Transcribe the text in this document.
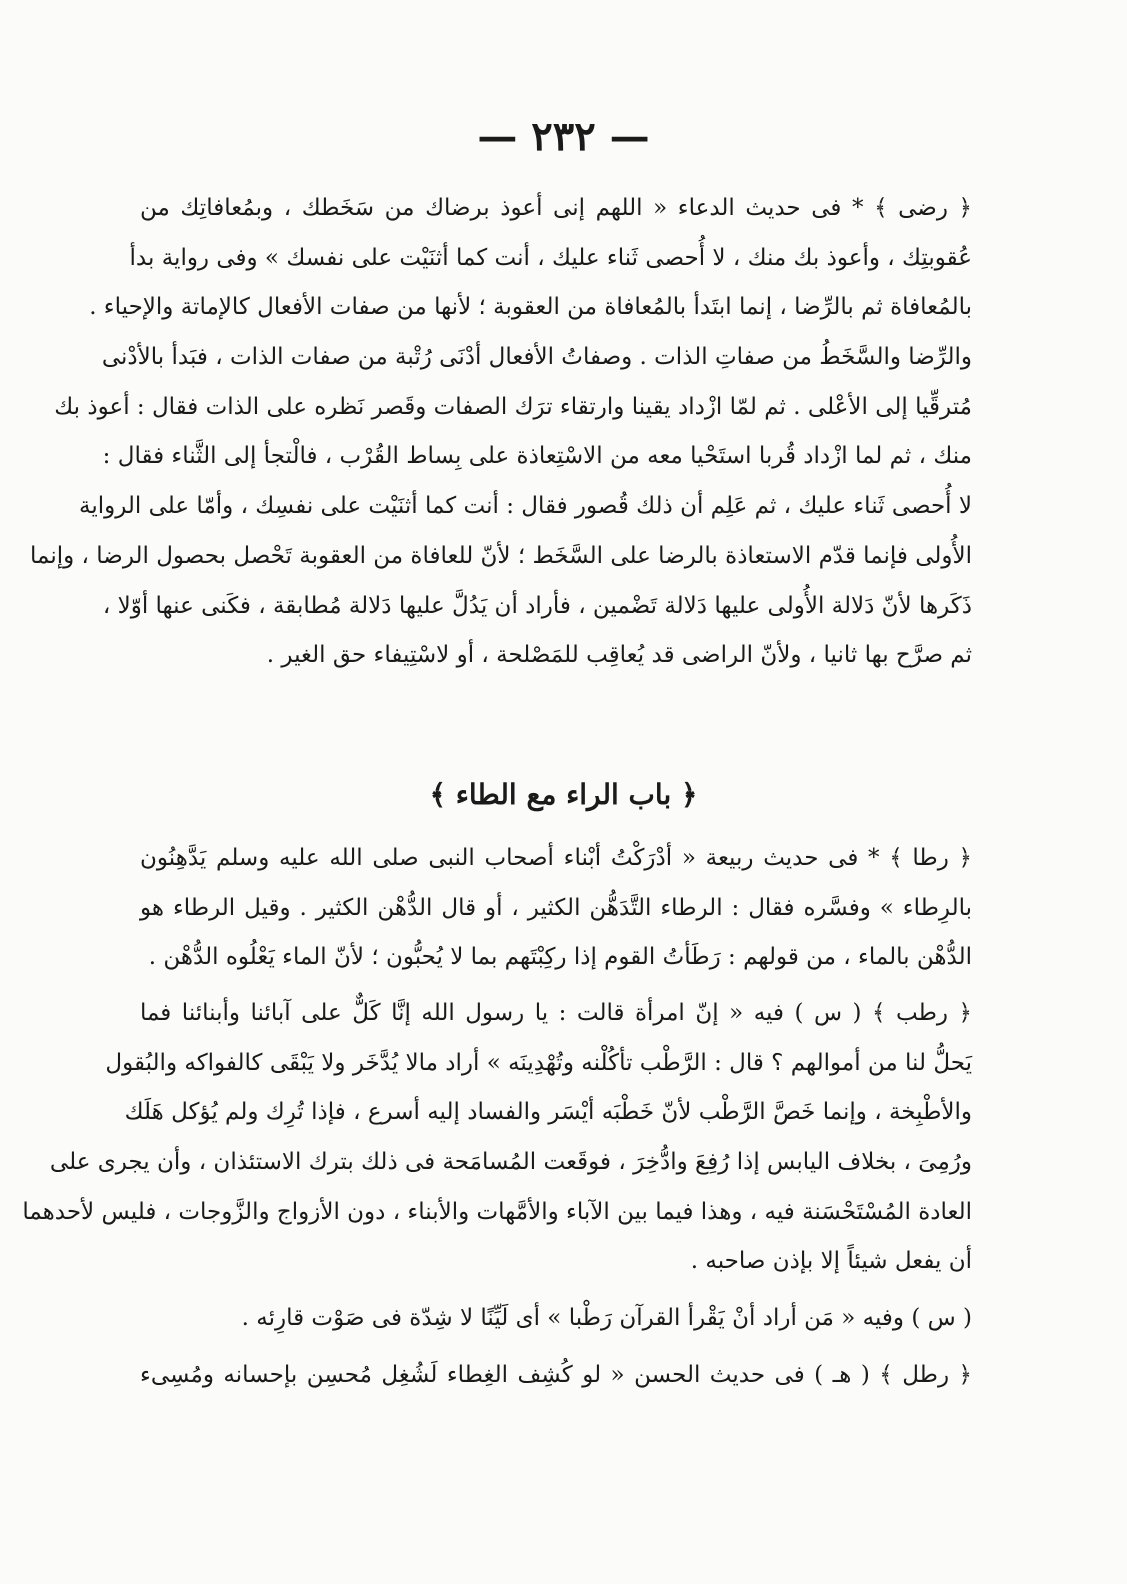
— ٢٣٢ —
﴿ رضى ﴾ * فى حديث الدعاء « اللهم إنى أعوذ برضاك من سَخَطك ، وبمُعافاتِك من
عُقوبتِك ، وأعوذ بك منك ، لا أُحصى ثَناء عليك ، أنت كما أثنَيْت على نفسك » وفى رواية بدأ
بالمُعافاة ثم بالرِّضا ، إنما ابتَدأ بالمُعافاة من العقوبة ؛ لأنها من صفات الأفعال كالإماتة والإحياء .
والرِّضا والسَّخَطُ من صفاتِ الذات . وصفاتُ الأفعال أدْنَى رُتْبة من صفات الذات ، فبَدأ بالأدْنى
مُترقِّيا إلى الأعْلى . ثم لمّا ازْداد يقينا وارتقاء ترَك الصفات وقَصر نَظره على الذات فقال : أعوذ بك
منك ، ثم لما ازْداد قُربا استَحْيا معه من الاسْتِعاذة على بِساط القُرْب ، فالْتجأ إلى الثَّناء فقال :
لا أُحصى ثَناء عليك ، ثم عَلِم أن ذلك قُصور فقال : أنت كما أثنَيْت على نفسِك ، وأمّا على الرواية
الأُولى فإنما قدّم الاستعاذة بالرضا على السَّخَط ؛ لأنّ للعافاة من العقوبة تَحْصل بحصول الرضا ، وإنما
ذَكَرها لأنّ دَلالة الأُولى عليها دَلالة تَضْمين ، فأراد أن يَدُلَّ عليها دَلالة مُطابقة ، فكَنى عنها أوّلا ،
ثم صرَّح بها ثانيا ، ولأنّ الراضى قد يُعاقِب للمَصْلحة ، أو لاسْتِيفاء حق الغير .
﴿ باب الراء مع الطاء ﴾
﴿ رطا ﴾ * فى حديث ربيعة « أدْرَكْتُ أبْناء أصحاب النبى صلى الله عليه وسلم يَدَّهِنُون
بالرِطاء » وفسَّره فقال : الرطاء التَّدَهُّن الكثير ، أو قال الدُّهْن الكثير . وقيل الرطاء هو
الدُّهْن بالماء ، من قولهم : رَطَأتُ القوم إذا ركِبْتَهم بما لا يُحبُّون ؛ لأنّ الماء يَعْلُوه الدُّهْن .
﴿ رطب ﴾ ( س ) فيه « إنّ امرأة قالت : يا رسول الله إنَّا كَلٌّ على آبائنا وأبنائنا فما
يَحلُّ لنا من أموالهم ؟ قال : الرَّطْب تأكُلْنه وتُهْدِينَه » أراد مالا يُدَّخَر ولا يَبْقَى كالفواكه والبُقول
والأطْبِخة ، وإنما خَصَّ الرَّطْب لأنّ خَطْبَه أيْسَر والفساد إليه أسرع ، فإذا تُرِك ولم يُؤكل هَلَك
ورُمِىَ ، بخلاف اليابس إذا رُفِعَ وادُّخِرَ ، فوقَعت المُسامَحة فى ذلك بترك الاستئذان ، وأن يجرى على
العادة المُسْتَحْسَنة فيه ، وهذا فيما بين الآباء والأمَّهات والأبناء ، دون الأزواج والزَّوجات ، فليس لأحدهما
أن يفعل شيئاً إلا بإذن صاحبه .
( س ) وفيه « مَن أراد أنْ يَقْرأ القرآن رَطْبا » أى لَيِّنًا لا شِدّة فى صَوْت قارِئه .
﴿ رطل ﴾ ( هـ ) فى حديث الحسن « لو كُشِف الغِطاء لَشُغِل مُحسِن بإحسانه ومُسِىء
